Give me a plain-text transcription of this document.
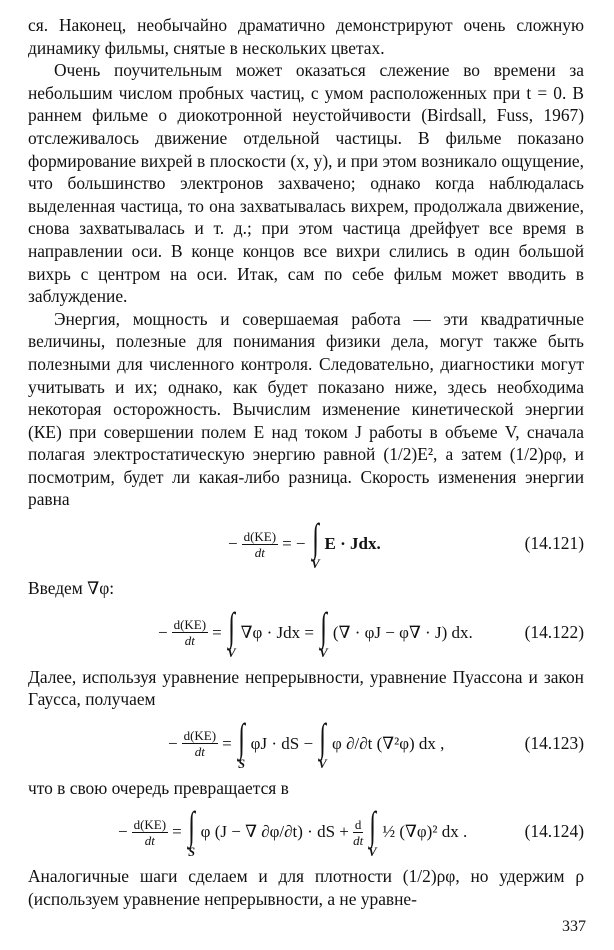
ся. Наконец, необычайно драматично демонстрируют очень сложную динамику фильмы, снятые в нескольких цветах.

Очень поучительным может оказаться слежение во времени за небольшим числом пробных частиц, с умом расположенных при t = 0. В раннем фильме о диокотронной неустойчивости (Birdsall, Fuss, 1967) отслеживалось движение отдельной частицы. В фильме показано формирование вихрей в плоскости (x, y), и при этом возникало ощущение, что большинство электронов захвачено; однако когда наблюдалась выделенная частица, то она захватывалась вихрем, продолжала движение, снова захватывалась и т. д.; при этом частица дрейфует все время в направлении оси. В конце концов все вихри слились в один большой вихрь с центром на оси. Итак, сам по себе фильм может вводить в заблуждение.

Энергия, мощность и совершаемая работа — эти квадратичные величины, полезные для понимания физики дела, могут также быть полезными для численного контроля. Следовательно, диагностики могут учитывать и их; однако, как будет показано ниже, здесь необходима некоторая осторожность. Вычислим изменение кинетической энергии (КЕ) при совершении полем E над током J работы в объеме V, сначала полагая электростатическую энергию равной (1/2)E², а затем (1/2)ρφ, и посмотрим, будет ли какая-либо разница. Скорость изменения энергии равна

− $\frac{d(KE)}{dt}$ = − ∫
V
E · Jdx.	(14.121)

Введем ∇φ:

− $\frac{d(KE)}{dt}$ = ∫
V
∇φ · Jdx = ∫
V
(∇ · φJ − φ∇ · J) dx.	(14.122)

Далее, используя уравнение непрерывности, уравнение Пуассона и закон Гаусса, получаем

− $\frac{d(KE)}{dt}$ = ∫
S
φJ · dS − ∫
V
φ ∂/∂t (∇²φ) dx ,	(14.123)

что в свою очередь превращается в

− $\frac{d(KE)}{dt}$ = ∫
S
φ (J − ∇ ∂φ/∂t) · dS + $\frac{d}{dt}$ ∫
V
½ (∇φ)² dx .	(14.124)

Аналогичные шаги сделаем и для плотности (1/2)ρφ, но удержим ρ (используем уравнение непрерывности, а не уравне-

337
